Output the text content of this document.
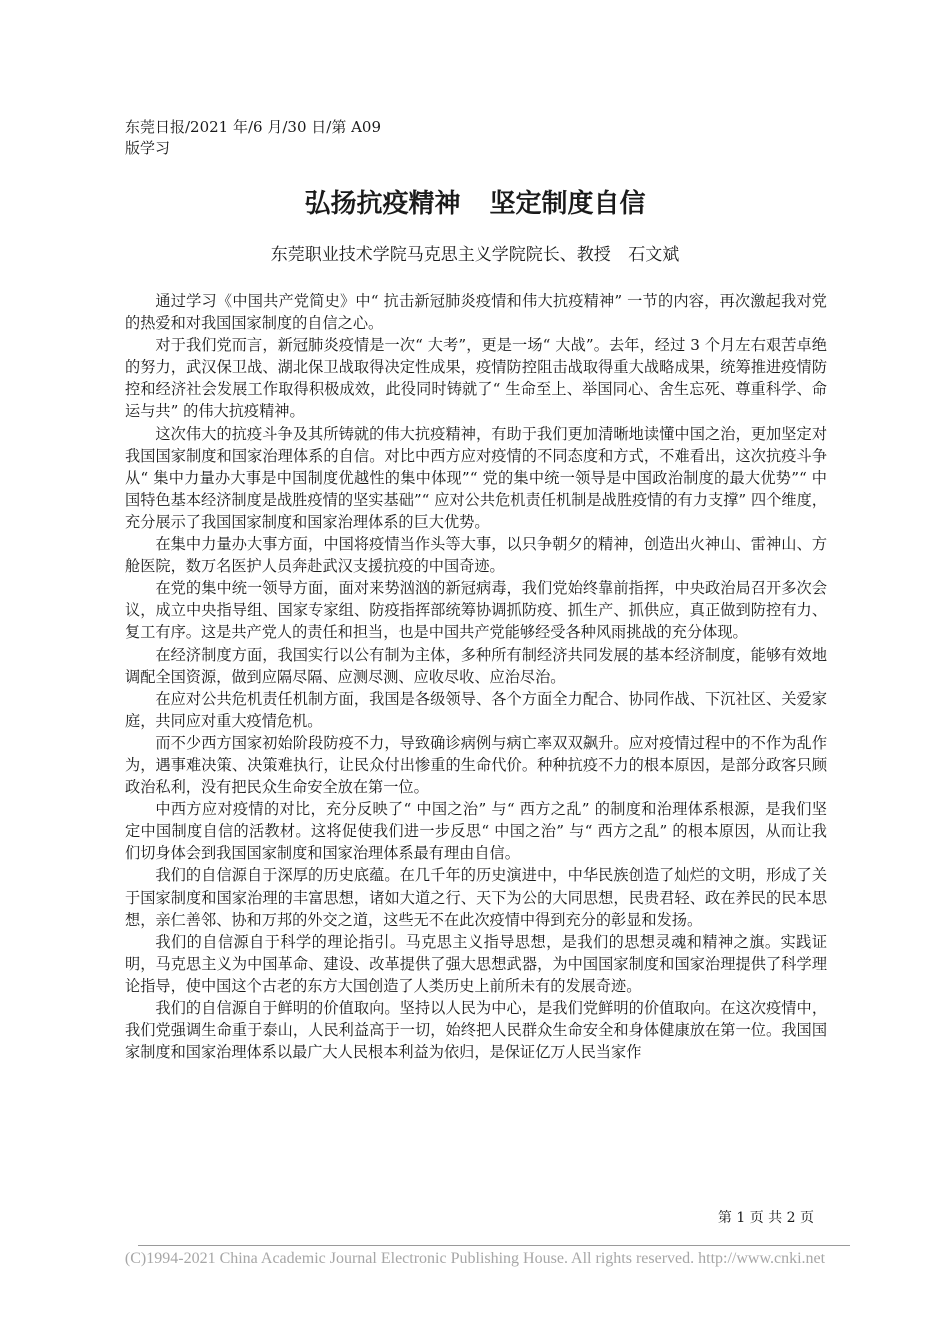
东莞日报/2021 年/6 月/30 日/第 A09
版学习
弘扬抗疫精神 坚定制度自信
东莞职业技术学院马克思主义学院院长、教授 石文斌

通过学习《中国共产党简史》中“ 抗击新冠肺炎疫情和伟大抗疫精神” 一节的内容，再次激起我对党的热爱和对我国国家制度的自信之心。

对于我们党而言，新冠肺炎疫情是一次“ 大考”，更是一场“ 大战”。去年，经过 3 个月左右艰苦卓绝的努力，武汉保卫战、湖北保卫战取得决定性成果，疫情防控阻击战取得重大战略成果，统筹推进疫情防控和经济社会发展工作取得积极成效，此役同时铸就了“ 生命至上、举国同心、舍生忘死、尊重科学、命运与共” 的伟大抗疫精神。

这次伟大的抗疫斗争及其所铸就的伟大抗疫精神，有助于我们更加清晰地读懂中国之治，更加坚定对我国国家制度和国家治理体系的自信。对比中西方应对疫情的不同态度和方式，不难看出，这次抗疫斗争从“ 集中力量办大事是中国制度优越性的集中体现”“ 党的集中统一领导是中国政治制度的最大优势”“ 中国特色基本经济制度是战胜疫情的坚实基础”“ 应对公共危机责任机制是战胜疫情的有力支撑” 四个维度，充分展示了我国国家制度和国家治理体系的巨大优势。

在集中力量办大事方面，中国将疫情当作头等大事，以只争朝夕的精神，创造出火神山、雷神山、方舱医院，数万名医护人员奔赴武汉支援抗疫的中国奇迹。

在党的集中统一领导方面，面对来势汹汹的新冠病毒，我们党始终靠前指挥，中央政治局召开多次会议，成立中央指导组、国家专家组、防疫指挥部统筹协调抓防疫、抓生产、抓供应，真正做到防控有力、复工有序。这是共产党人的责任和担当，也是中国共产党能够经受各种风雨挑战的充分体现。

在经济制度方面，我国实行以公有制为主体，多种所有制经济共同发展的基本经济制度，能够有效地调配全国资源，做到应隔尽隔、应测尽测、应收尽收、应治尽治。

在应对公共危机责任机制方面，我国是各级领导、各个方面全力配合、协同作战、下沉社区、关爱家庭，共同应对重大疫情危机。

而不少西方国家初始阶段防疫不力，导致确诊病例与病亡率双双飙升。应对疫情过程中的不作为乱作为，遇事难决策、决策难执行，让民众付出惨重的生命代价。种种抗疫不力的根本原因，是部分政客只顾政治私利，没有把民众生命安全放在第一位。

中西方应对疫情的对比，充分反映了“ 中国之治” 与“ 西方之乱” 的制度和治理体系根源，是我们坚定中国制度自信的活教材。这将促使我们进一步反思“ 中国之治” 与“ 西方之乱” 的根本原因，从而让我们切身体会到我国国家制度和国家治理体系最有理由自信。

我们的自信源自于深厚的历史底蕴。在几千年的历史演进中，中华民族创造了灿烂的文明，形成了关于国家制度和国家治理的丰富思想，诸如大道之行、天下为公的大同思想，民贵君轻、政在养民的民本思想，亲仁善邻、协和万邦的外交之道，这些无不在此次疫情中得到充分的彰显和发扬。

我们的自信源自于科学的理论指引。马克思主义指导思想，是我们的思想灵魂和精神之旗。实践证明，马克思主义为中国革命、建设、改革提供了强大思想武器，为中国国家制度和国家治理提供了科学理论指导，使中国这个古老的东方大国创造了人类历史上前所未有的发展奇迹。

我们的自信源自于鲜明的价值取向。坚持以人民为中心，是我们党鲜明的价值取向。在这次疫情中，我们党强调生命重于泰山，人民利益高于一切，始终把人民群众生命安全和身体健康放在第一位。我国国家制度和国家治理体系以最广大人民根本利益为依归，是保证亿万人民当家作

第 1 页 共 2 页
(C)1994-2021 China Academic Journal Electronic Publishing House. All rights reserved. http://www.cnki.net
